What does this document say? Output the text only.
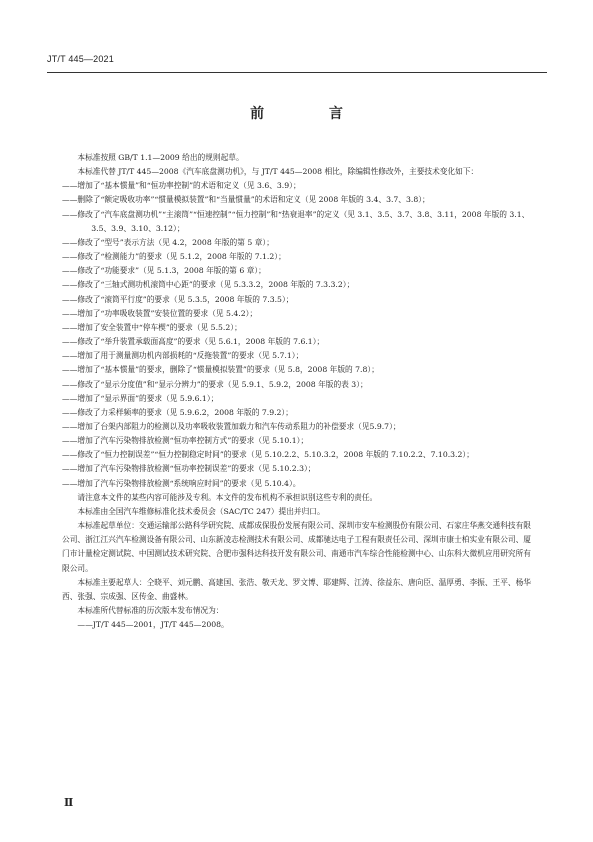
JT/T 445—2021
前 言

本标准按照 GB/T 1.1—2009 给出的规则起草。

本标准代替 JT/T 445—2008《汽车底盘测功机》，与 JT/T 445—2008 相比，除编辑性修改外，主要技术变化如下：

——增加了“基本惯量”和“恒功率控制”的术语和定义（见 3.6、3.9）；

——删除了“额定吸收功率”“惯量模拟装置”和“当量惯量”的术语和定义（见 2008 年版的 3.4、3.7、3.8）；

——修改了“汽车底盘测功机”“主滚筒”“恒速控制”“恒力控制”和“热衰退率”的定义（见 3.1、3.5、3.7、3.8、3.11，2008 年版的 3.1、3.5、3.9、3.10、3.12）；

——修改了“型号”表示方法（见 4.2，2008 年版的第 5 章）；

——修改了“检测能力”的要求（见 5.1.2，2008 年版的 7.1.2）；

——修改了“功能要求”（见 5.1.3，2008 年版的第 6 章）；

——修改了“三轴式测功机滚筒中心距”的要求（见 5.3.3.2，2008 年版的 7.3.3.2）；

——修改了“滚筒平行度”的要求（见 5.3.5，2008 年版的 7.3.5）；

——增加了“功率吸收装置”安装位置的要求（见 5.4.2）；

——增加了安全装置中“停车楔”的要求（见 5.5.2）；

——修改了“举升装置承载面高度”的要求（见 5.6.1，2008 年版的 7.6.1）；

——增加了用于测量测功机内部损耗的“反拖装置”的要求（见 5.7.1）；

——增加了“基本惯量”的要求，删除了“惯量模拟装置”的要求（见 5.8，2008 年版的 7.8）；

——修改了“显示分度值”和“显示分辨力”的要求（见 5.9.1、5.9.2，2008 年版的表 3）；

——增加了“显示界面”的要求（见 5.9.6.1）；

——修改了力采样频率的要求（见 5.9.6.2，2008 年版的 7.9.2）；

——增加了台架内部阻力的检测以及功率吸收装置加载力和汽车传动系阻力的补偿要求（见5.9.7）；

——增加了汽车污染物排放检测“恒功率控制方式”的要求（见 5.10.1）；

——修改了“恒力控制误差”“恒力控制稳定时间”的要求（见 5.10.2.2、5.10.3.2，2008 年版的 7.10.2.2、7.10.3.2）；

——增加了汽车污染物排放检测“恒功率控制误差”的要求（见 5.10.2.3）；

——增加了汽车污染物排放检测“系统响应时间”的要求（见 5.10.4）。

请注意本文件的某些内容可能涉及专利。本文件的发布机构不承担识别这些专利的责任。

本标准由全国汽车维修标准化技术委员会（SAC/TC 247）提出并归口。

本标准起草单位：交通运输部公路科学研究院、成都成保股份发展有限公司、深圳市安车检测股份有限公司、石家庄华燕交通科技有限公司、浙江江兴汽车检测设备有限公司、山东新凌志检测技术有限公司、成都驰达电子工程有限责任公司、深圳市康士柏实业有限公司、厦门市计量检定测试院、中国测试技术研究院、合肥市强科达科技开发有限公司、南通市汽车综合性能检测中心、山东科大微机应用研究所有限公司。

本标准主要起草人：仝晓平、刘元鹏、高建国、张浩、敬天龙、罗文博、耶建辉、江涛、徐益东、唐向臣、温厚勇、李振、王平、杨华西、张强、宗成强、区传金、曲盛林。

本标准所代替标准的历次版本发布情况为：

——JT/T 445—2001，JT/T 445—2008。

Ⅱ
